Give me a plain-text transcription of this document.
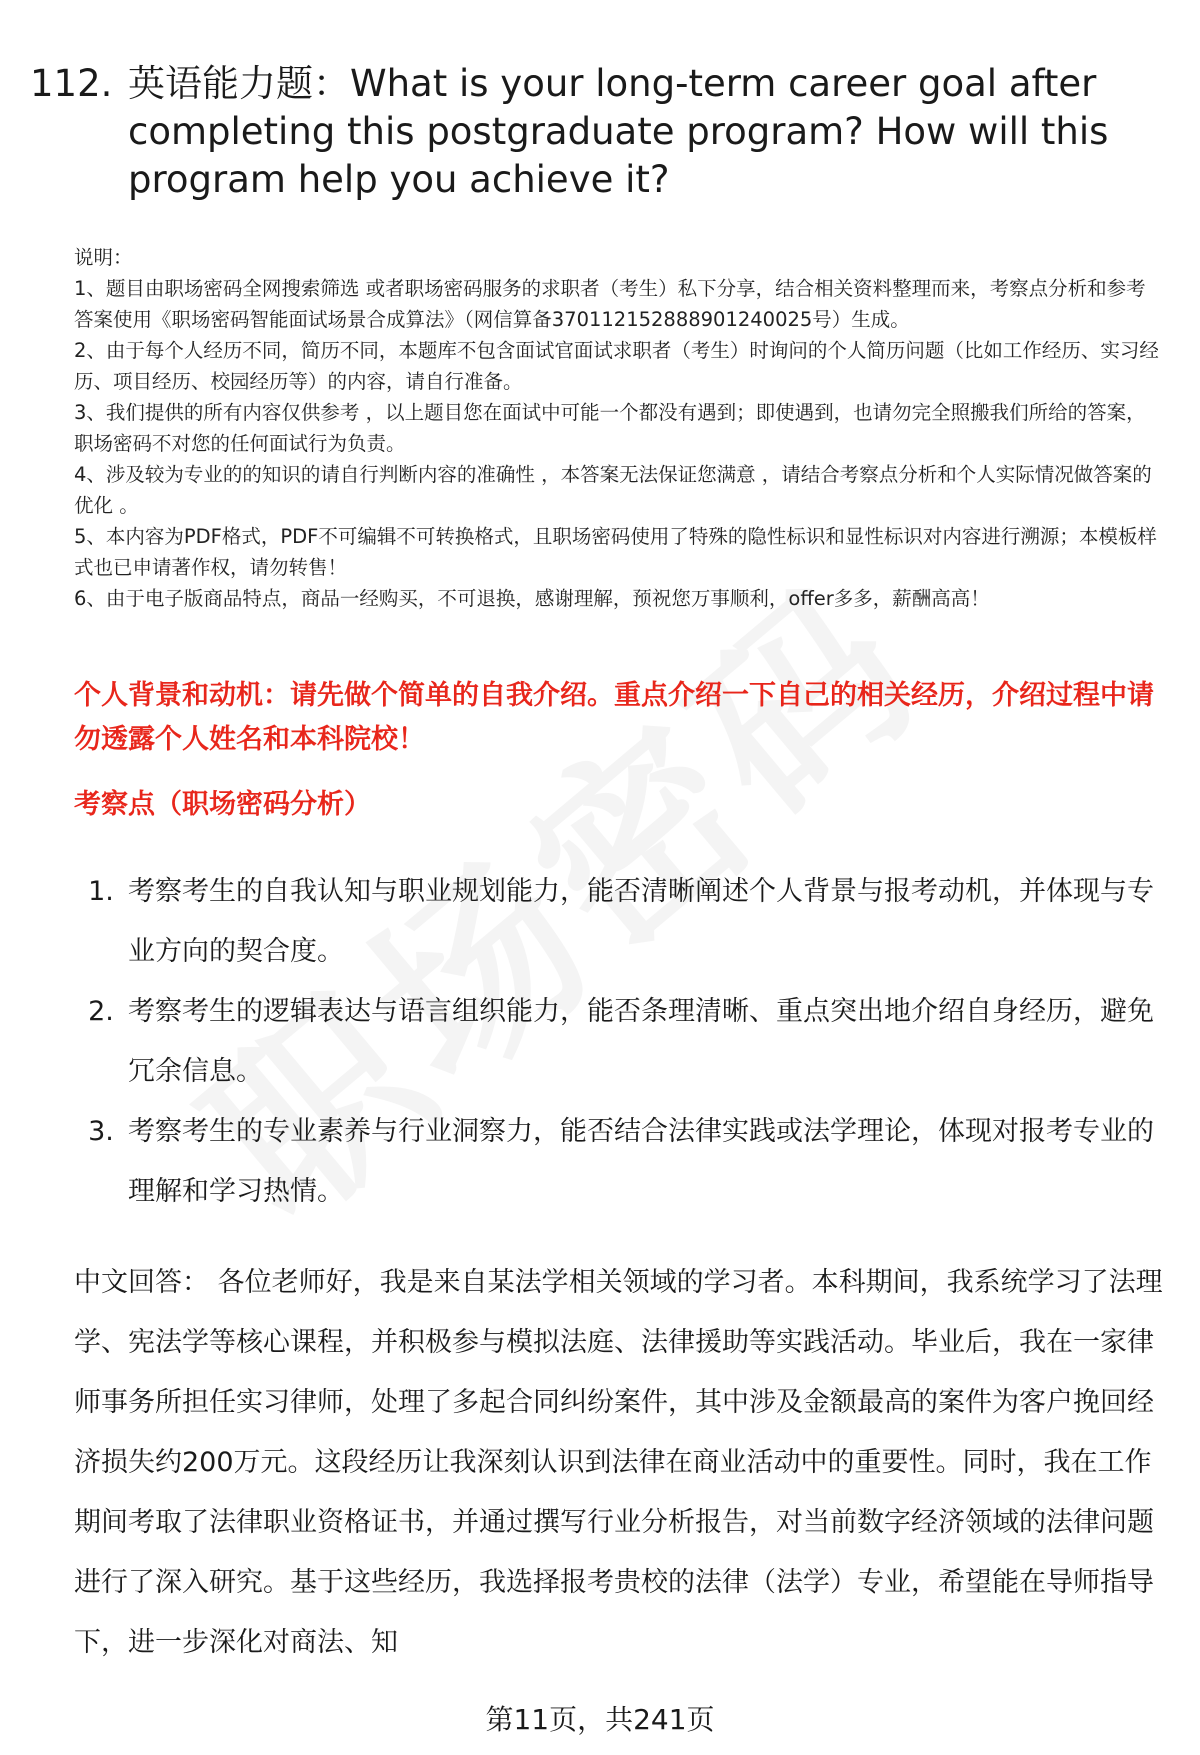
112. 英语能力题：What is your long-term career goal after completing this postgraduate program? How will this program help you achieve it?

说明：

1、题目由职场密码全网搜索筛选 或者职场密码服务的求职者（考生）私下分享，结合相关资料整理而来，考察点分析和参考答案使用《职场密码智能面试场景合成算法》（网信算备370112152888901240025号）生成。

2、由于每个人经历不同，简历不同，本题库不包含面试官面试求职者（考生）时询问的个人简历问题（比如工作经历、实习经历、项目经历、校园经历等）的内容，请自行准备。

3、我们提供的所有内容仅供参考 ，以上题目您在面试中可能一个都没有遇到；即使遇到，也请勿完全照搬我们所给的答案，职场密码不对您的任何面试行为负责。

4、涉及较为专业的的知识的请自行判断内容的准确性 ，本答案无法保证您满意 ，请结合考察点分析和个人实际情况做答案的优化 。

5、本内容为PDF格式，PDF不可编辑不可转换格式，且职场密码使用了特殊的隐性标识和显性标识对内容进行溯源；本模板样式也已申请著作权，请勿转售！

6、由于电子版商品特点，商品一经购买，不可退换，感谢理解，预祝您万事顺利，offer多多，薪酬高高！

个人背景和动机：请先做个简单的自我介绍。重点介绍一下自己的相关经历，介绍过程中请勿透露个人姓名和本科院校！
考察点（职场密码分析）
1. 考察考生的自我认知与职业规划能力，能否清晰阐述个人背景与报考动机，并体现与专业方向的契合度。
2. 考察考生的逻辑表达与语言组织能力，能否条理清晰、重点突出地介绍自身经历，避免冗余信息。
3. 考察考生的专业素养与行业洞察力，能否结合法律实践或法学理论，体现对报考专业的理解和学习热情。

中文回答： 各位老师好，我是来自某法学相关领域的学习者。本科期间，我系统学习了法理学、宪法学等核心课程，并积极参与模拟法庭、法律援助等实践活动。毕业后，我在一家律师事务所担任实习律师，处理了多起合同纠纷案件，其中涉及金额最高的案件为客户挽回经济损失约200万元。这段经历让我深刻认识到法律在商业活动中的重要性。同时，我在工作期间考取了法律职业资格证书，并通过撰写行业分析报告，对当前数字经济领域的法律问题进行了深入研究。基于这些经历，我选择报考贵校的法律（法学）专业，希望能在导师指导下，进一步深化对商法、知

第11页，共241页
